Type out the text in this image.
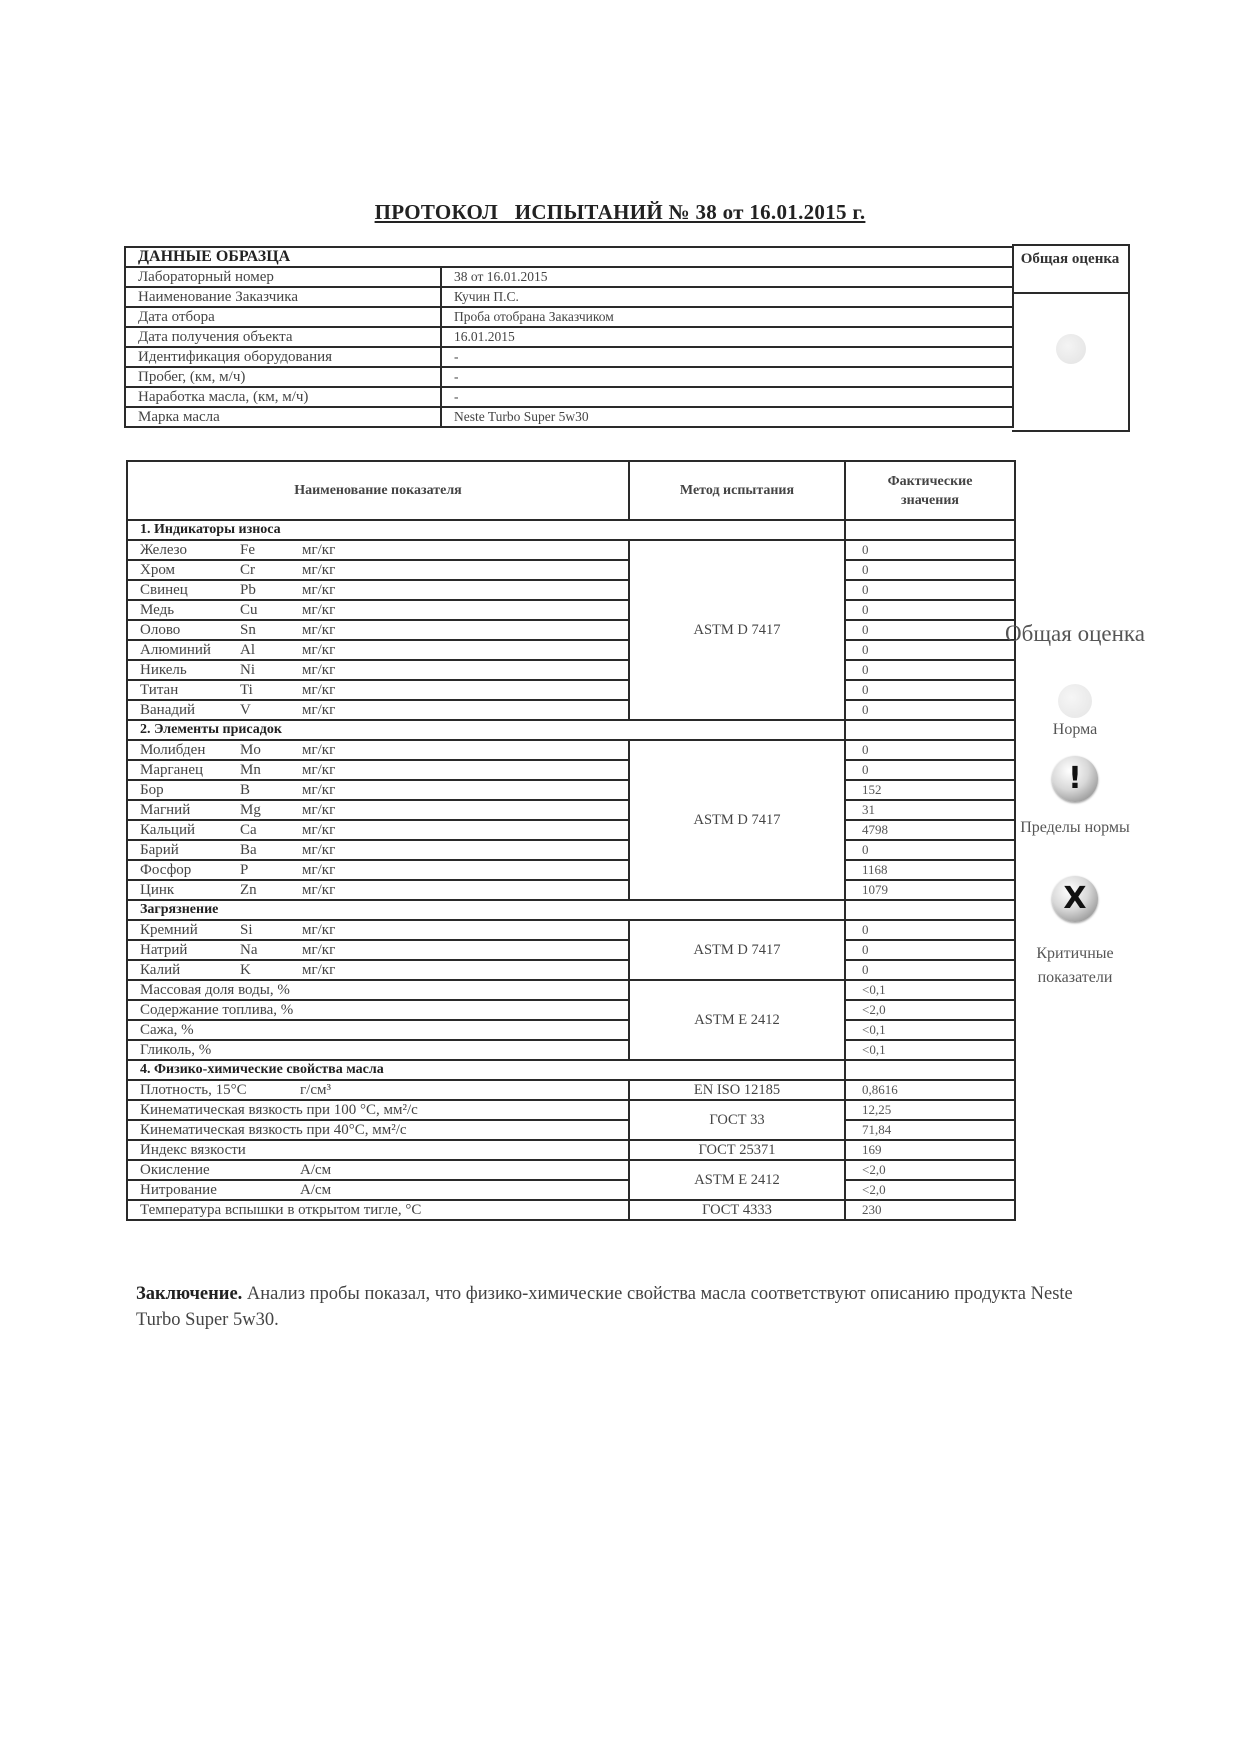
ПРОТОКОЛ   ИСПЫТАНИЙ № 38 от 16.01.2015 г.
ДАННЫЕ ОБРАЗЦА	
Лабораторный номер	38 от 16.01.2015
Наименование Заказчика	Кучин П.С.
Дата отбора	Проба отобрана Заказчиком
Дата получения объекта	16.01.2015
Идентификация оборудования	-
Пробег, (км, м/ч)	-
Наработка масла, (км, м/ч)	-
Марка масла	Neste Turbo Super 5w30
Общая оценка
Наименование показателя	Метод испытания	Фактические значения
1. Индикаторы износа		
Железо Fe мг/кг	ASTM D 7417	0
Хром Cr мг/кг		0
Свинец Pb мг/кг		0
Медь Cu мг/кг		0
Олово Sn мг/кг		0
Алюминий Al мг/кг		0
Никель Ni мг/кг		0
Титан Ti мг/кг		0
Ванадий V мг/кг		0
2. Элементы присадок		
Молибден Mo мг/кг	ASTM D 7417	0
Марганец Mn мг/кг		0
Бор B мг/кг		152
Магний Mg мг/кг		31
Кальций Ca мг/кг		4798
Барий Ba мг/кг		0
Фосфор P мг/кг		1168
Цинк Zn мг/кг		1079
Загрязнение		
Кремний Si мг/кг	ASTM D 7417	0
Натрий Na мг/кг		0
Калий K мг/кг		0
Массовая доля воды, %	ASTM E 2412	<0,1
Содержание топлива, %		<2,0
Сажа, %		<0,1
Гликоль, %		<0,1
4. Физико-химические свойства масла		
Плотность, 15°C г/см³	EN ISO 12185	0,8616
Кинематическая вязкость при 100 °C, мм²/с	ГОСТ 33	12,25
Кинематическая вязкость при 40°C, мм²/с		71,84
Индекс вязкости	ГОСТ 25371	169
Окисление А/см	ASTM E 2412	<2,0
Нитрование А/см		<2,0
Температура вспышки в открытом тигле, °C	ГОСТ 4333	230
Общая оценка
Норма
!
Пределы нормы
X
Критичные показатели
Заключение. Анализ пробы показал, что физико-химические свойства масла соответствуют описанию продукта Neste Turbo Super 5w30.
